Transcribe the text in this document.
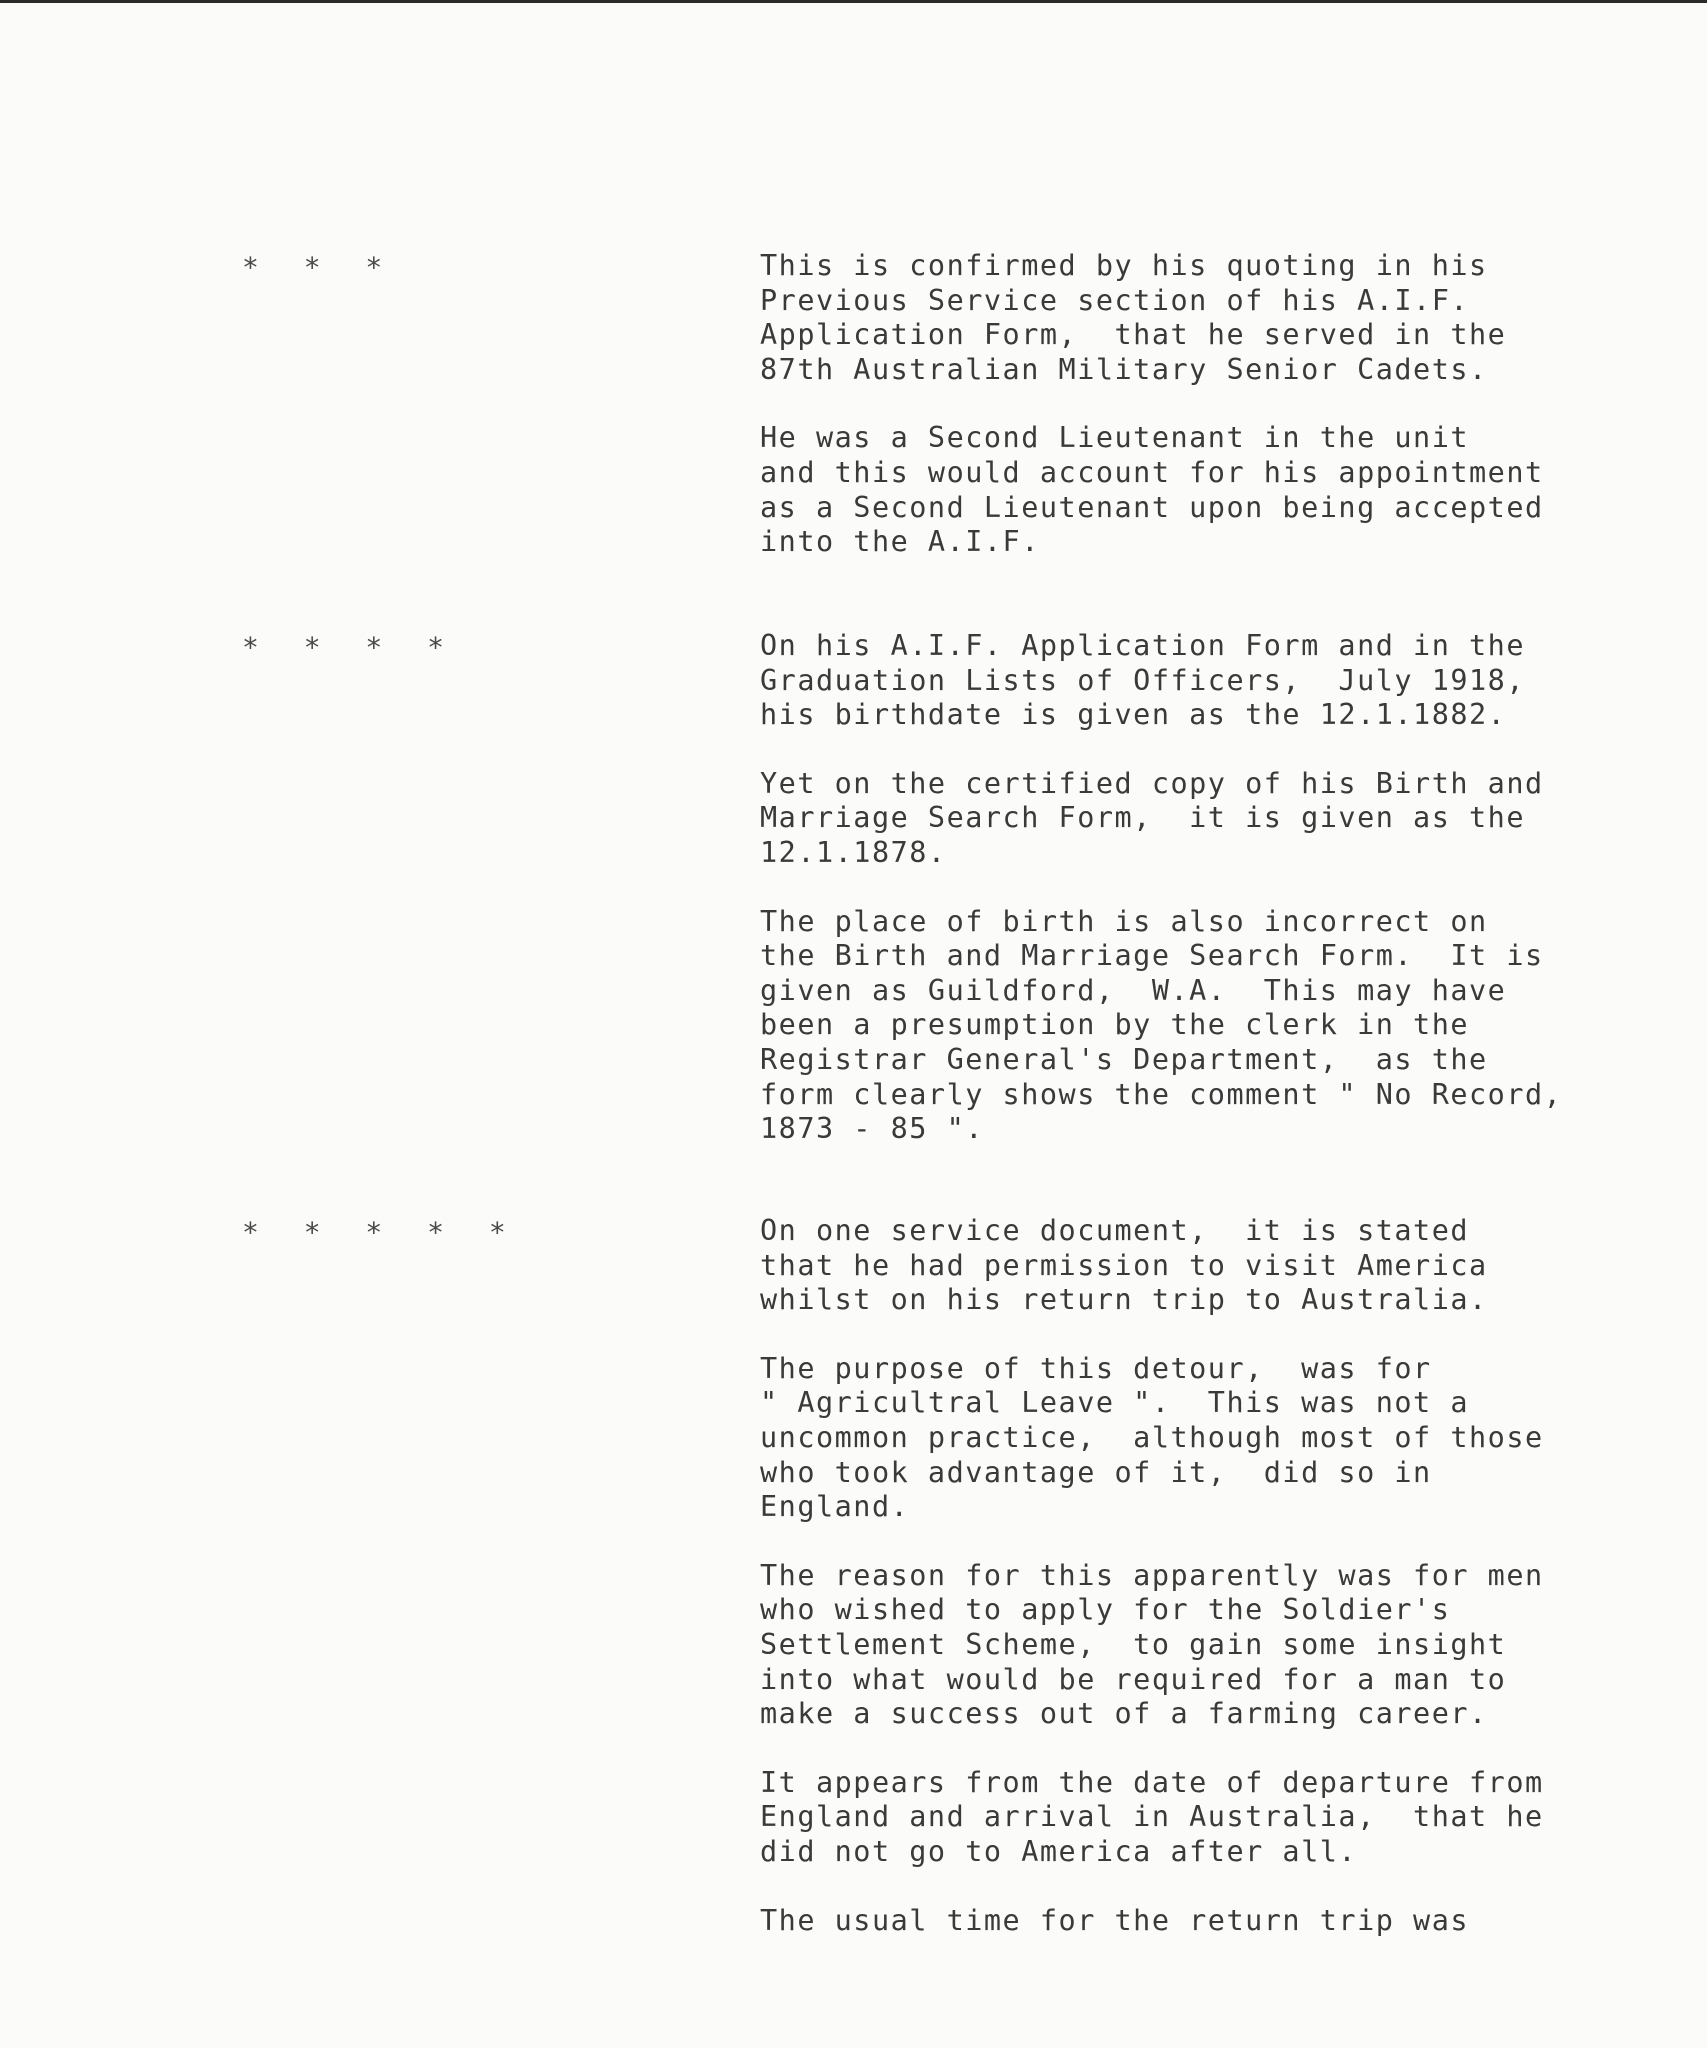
* * *	This is confirmed by his quoting in his
Previous Service section of his A.I.F.
Application Form,  that he served in the
87th Australian Military Senior Cadets.

He was a Second Lieutenant in the unit
and this would account for his appointment
as a Second Lieutenant upon being accepted
into the A.I.F.

* * * *	On his A.I.F. Application Form and in the
Graduation Lists of Officers,  July 1918,
his birthdate is given as the 12.1.1882.

Yet on the certified copy of his Birth and
Marriage Search Form,  it is given as the
12.1.1878.

The place of birth is also incorrect on
the Birth and Marriage Search Form.  It is
given as Guildford,  W.A.  This may have
been a presumption by the clerk in the
Registrar General's Department,  as the
form clearly shows the comment " No Record,
1873 - 85 ".

* * * * *	On one service document,  it is stated
that he had permission to visit America
whilst on his return trip to Australia.

The purpose of this detour,  was for
" Agricultral Leave ".  This was not a
uncommon practice,  although most of those
who took advantage of it,  did so in
England.

The reason for this apparently was for men
who wished to apply for the Soldier's
Settlement Scheme,  to gain some insight
into what would be required for a man to
make a success out of a farming career.

It appears from the date of departure from
England and arrival in Australia,  that he
did not go to America after all.

The usual time for the return trip was
